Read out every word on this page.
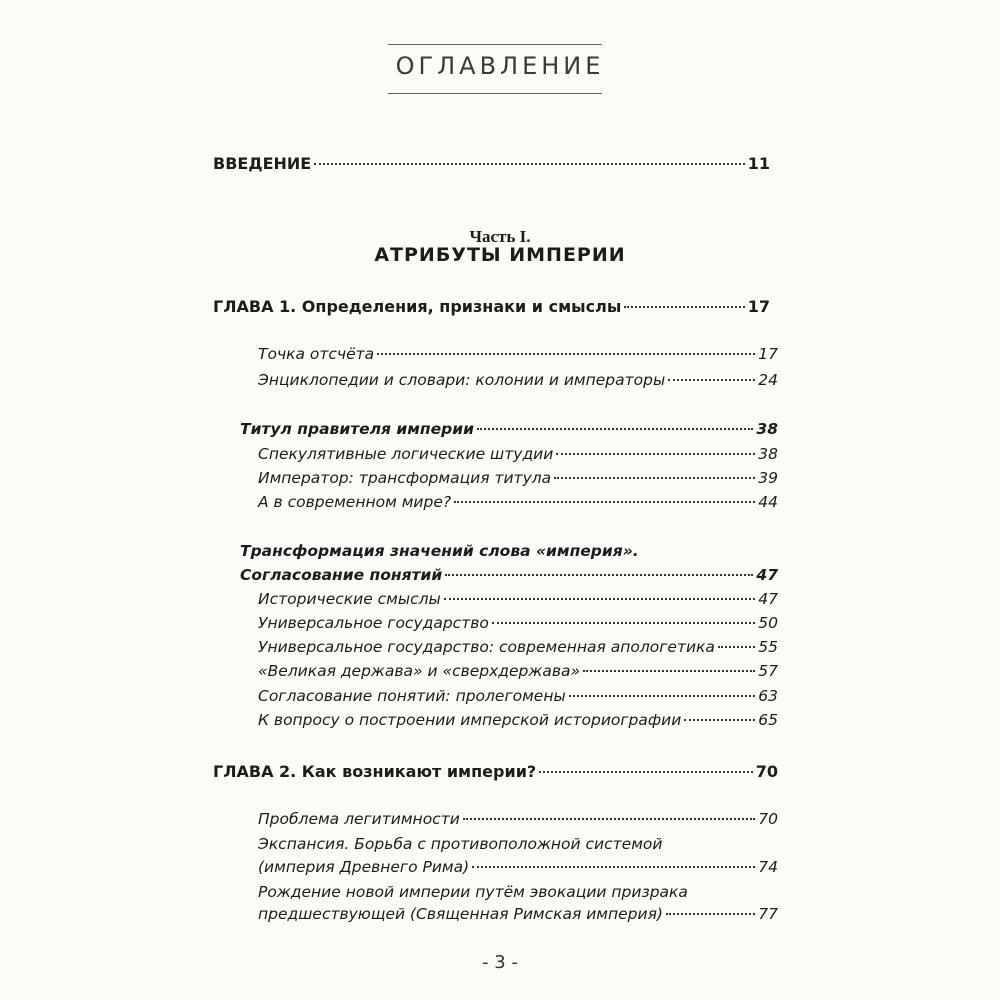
ОГЛАВЛЕНИЕ
ВВЕДЕНИЕ	11
Часть I.
АТРИБУТЫ ИМПЕРИИ
ГЛАВА 1. Определения, признаки и смыслы	17
Точка отсчёта	17
Энциклопедии и словари: колонии и императоры	24
Титул правителя империи	38
Спекулятивные логические штудии	38
Император: трансформация титула	39
А в современном мире?	44
Трансформация значений слова «империя».
Согласование понятий	47
Исторические смыслы	47
Универсальное государство	50
Универсальное государство: современная апологетика	55
«Великая держава» и «сверхдержава»	57
Согласование понятий: пролегомены	63
К вопросу о построении имперской историографии	65
ГЛАВА 2. Как возникают империи?	70
Проблема легитимности	70
Экспансия. Борьба с противоположной системой
(империя Древнего Рима)	74
Рождение новой империи путём эвокации призрака
предшествующей (Священная Римская империя)	77
- 3 -
